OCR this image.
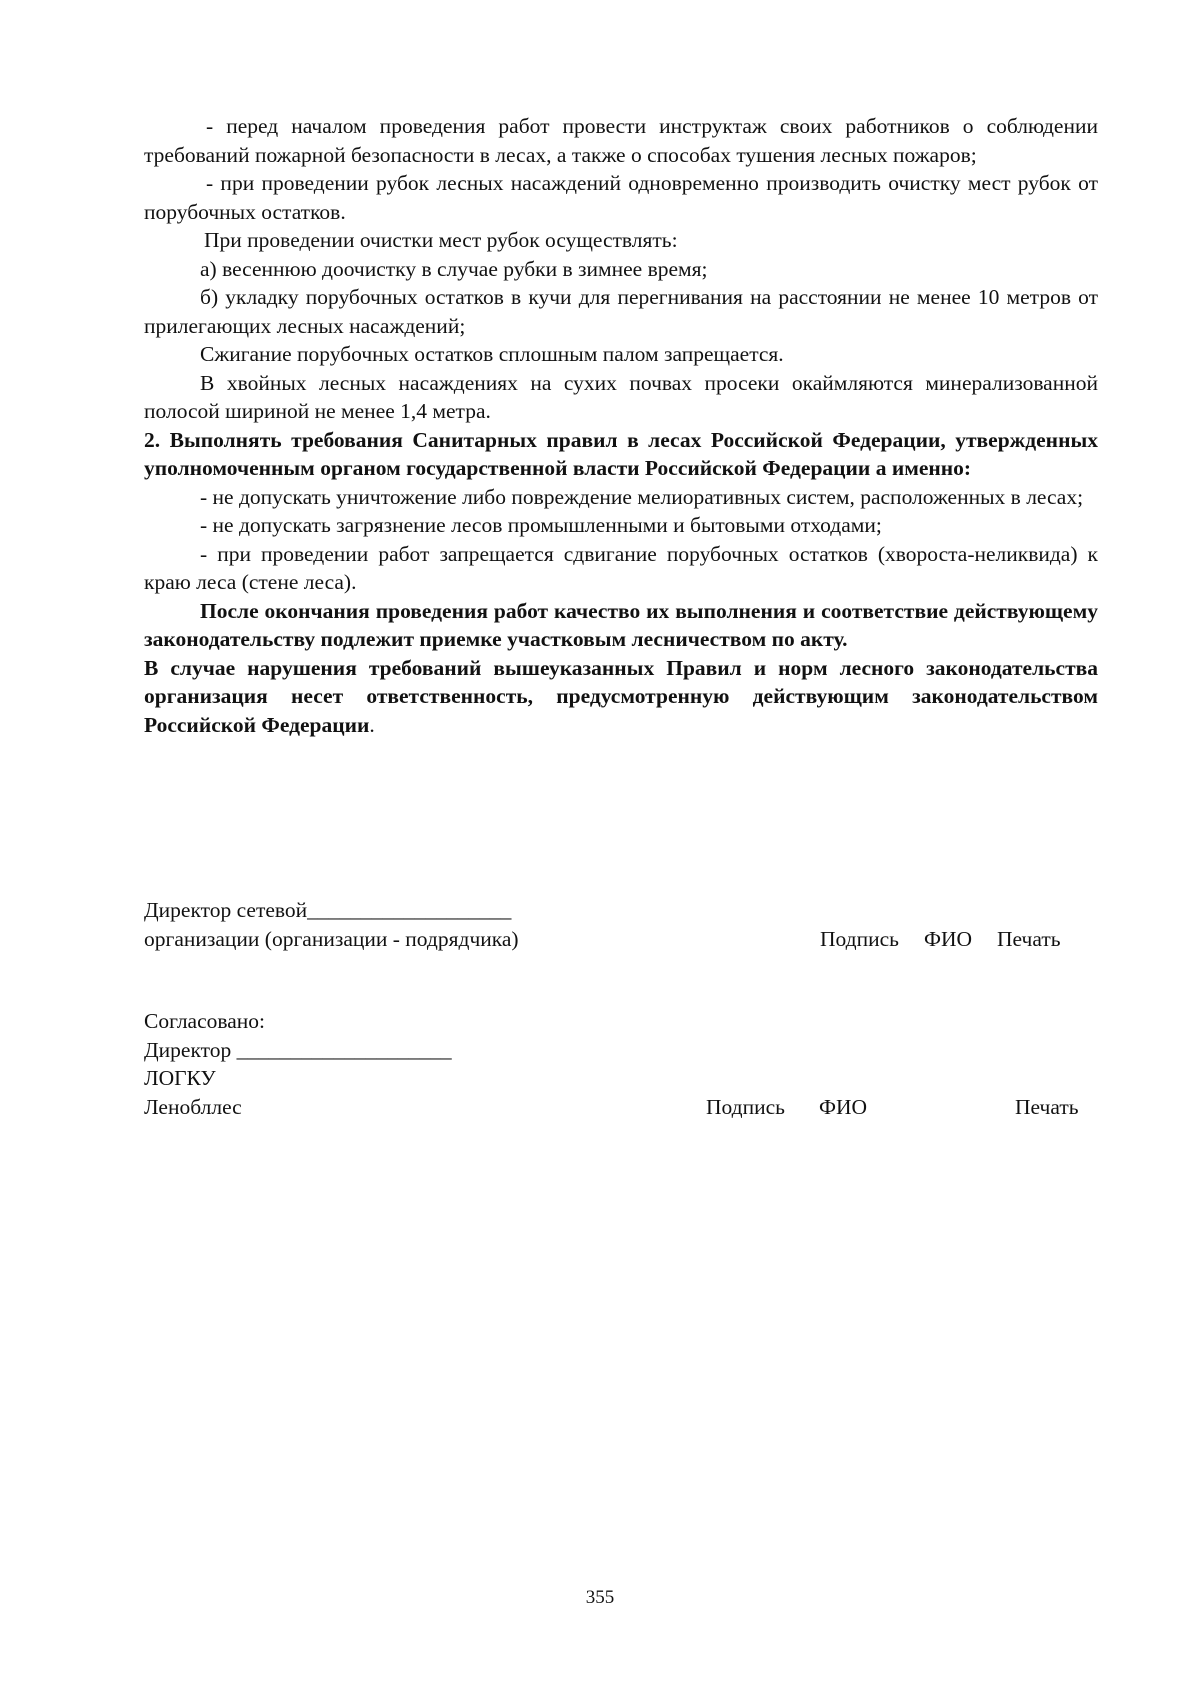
- перед началом проведения работ провести инструктаж своих работников о соблюдении требований пожарной безопасности в лесах, а также о способах тушения лесных пожаров;

- при проведении рубок лесных насаждений одновременно производить очистку мест рубок от порубочных остатков.

При проведении очистки мест рубок осуществлять:

а) весеннюю доочистку в случае рубки в зимнее время;

б) укладку порубочных остатков в кучи для перегнивания на расстоянии не менее 10 метров от прилегающих лесных насаждений;

Сжигание порубочных остатков сплошным палом запрещается.

В хвойных лесных насаждениях на сухих почвах просеки окаймляются минерализованной полосой шириной не менее 1,4 метра.

2. Выполнять требования Санитарных правил в лесах Российской Федерации, утвержденных уполномоченным органом государственной власти Российской Федерации а именно:

- не допускать уничтожение либо повреждение мелиоративных систем, расположенных в лесах;

- не допускать загрязнение лесов промышленными и бытовыми отходами;

- при проведении работ запрещается сдвигание порубочных остатков (хвороста-неликвида) к краю леса (стене леса).

После окончания проведения работ качество их выполнения и соответствие действующему законодательству подлежит приемке участковым лесничеством по акту.

В случае нарушения требований вышеуказанных Правил и норм лесного законодательства организация несет ответственность, предусмотренную действующим законодательством Российской Федерации.

Директор сетевой___________________
организации (организации - подрядчика)	Подпись ФИО Печать
Согласовано:
Директор ____________________
ЛОГКУ
Ленобллес	Подпись ФИО	Печать
355
